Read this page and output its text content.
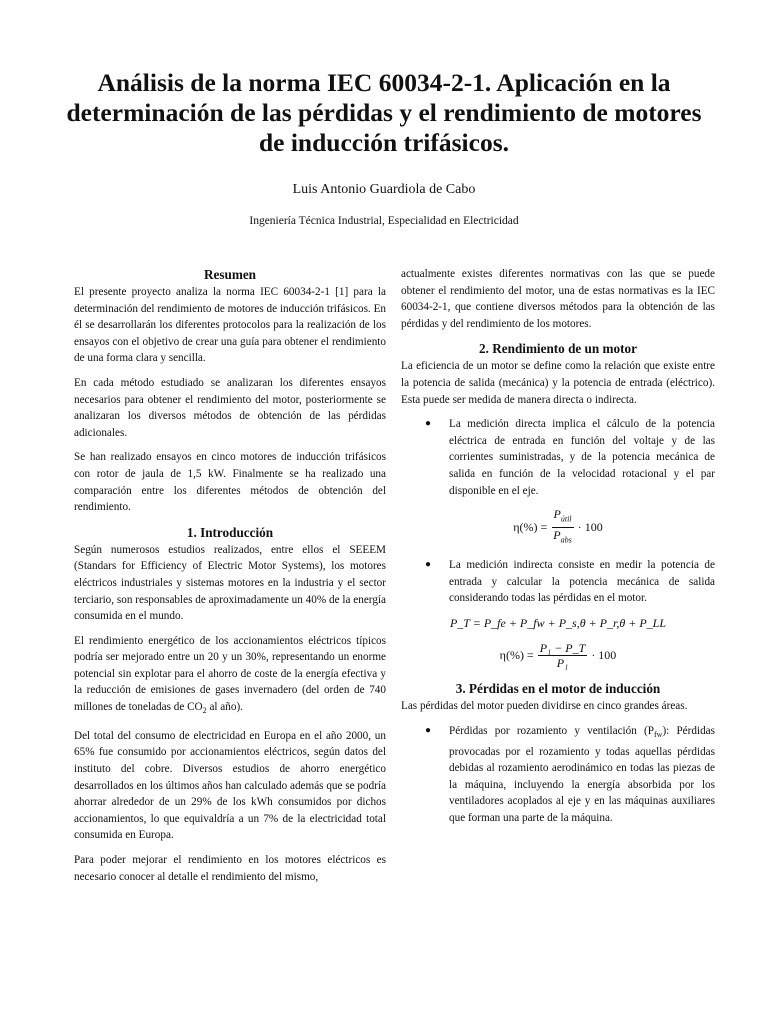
Análisis de la norma IEC 60034-2-1. Aplicación en la determinación de las pérdidas y el rendimiento de motores de inducción trifásicos.
Luis Antonio Guardiola de Cabo
Ingeniería Técnica Industrial, Especialidad en Electricidad
Resumen

El presente proyecto analiza la norma IEC 60034-2-1 [1] para la determinación del rendimiento de motores de inducción trifásicos. En él se desarrollarán los diferentes protocolos para la realización de los ensayos con el objetivo de crear una guía para obtener el rendimiento de una forma clara y sencilla.

En cada método estudiado se analizaran los diferentes ensayos necesarios para obtener el rendimiento del motor, posteriormente se analizaran los diversos métodos de obtención de las pérdidas adicionales.

Se han realizado ensayos en cinco motores de inducción trifásicos con rotor de jaula de 1,5 kW. Finalmente se ha realizado una comparación entre los diferentes métodos de obtención del rendimiento.

1. Introducción

Según numerosos estudios realizados, entre ellos el SEEEM (Standars for Efficiency of Electric Motor Systems), los motores eléctricos industriales y sistemas motores en la industria y el sector terciario, son responsables de aproximadamente un 40% de la energía consumida en el mundo.

El rendimiento energético de los accionamientos eléctricos típicos podría ser mejorado entre un 20 y un 30%, representando un enorme potencial sin explotar para el ahorro de coste de la energía efectiva y la reducción de emisiones de gases invernadero (del orden de 740 millones de toneladas de $CO_2$ al año).

Del total del consumo de electricidad en Europa en el año 2000, un 65% fue consumido por accionamientos eléctricos, según datos del instituto del cobre. Diversos estudios de ahorro energético desarrollados en los últimos años han calculado además que se podría ahorrar alrededor de un 29% de los kWh consumidos por dichos accionamientos, lo que equivaldría a un 7% de la electricidad total consumida en Europa.

Para poder mejorar el rendimiento en los motores eléctricos es necesario conocer al detalle el rendimiento del mismo,

actualmente existes diferentes normativas con las que se puede obtener el rendimiento del motor, una de estas normativas es la IEC 60034-2-1, que contiene diversos métodos para la obtención de las pérdidas y del rendimiento de los motores.

2. Rendimiento de un motor

La eficiencia de un motor se define como la relación que existe entre la potencia de salida (mecánica) y la potencia de entrada (eléctrico). Esta puede ser medida de manera directa o indirecta.

●	La medición directa implica el cálculo de la potencia eléctrica de entrada en función del voltaje y de las corrientes suministradas, y de la potencia mecánica de salida en función de la velocidad rotacional y el par disponible en el eje.

$\eta(\%) = \frac{P_{útil}}{P_{abs}} \cdot 100$
●	La medición indirecta consiste en medir la potencia de entrada y calcular la potencia mecánica de salida considerando todas las pérdidas en el motor.

P_T = P_fe + P_fw + P_s,θ + P_r,θ + P_LL
$\eta(\%) = \frac{\text{P₁ − P\_T}}{\text{P₁}} \cdot 100$
3. Pérdidas en el motor de inducción

Las pérdidas del motor pueden dividirse en cinco grandes áreas.

●	Pérdidas por rozamiento y ventilación $(P_{fw})$: Pérdidas provocadas por el rozamiento y todas aquellas pérdidas debidas al rozamiento aerodinámico en todas las piezas de la máquina, incluyendo la energía absorbida por los ventiladores acoplados al eje y en las máquinas auxiliares que forman una parte de la máquina.
